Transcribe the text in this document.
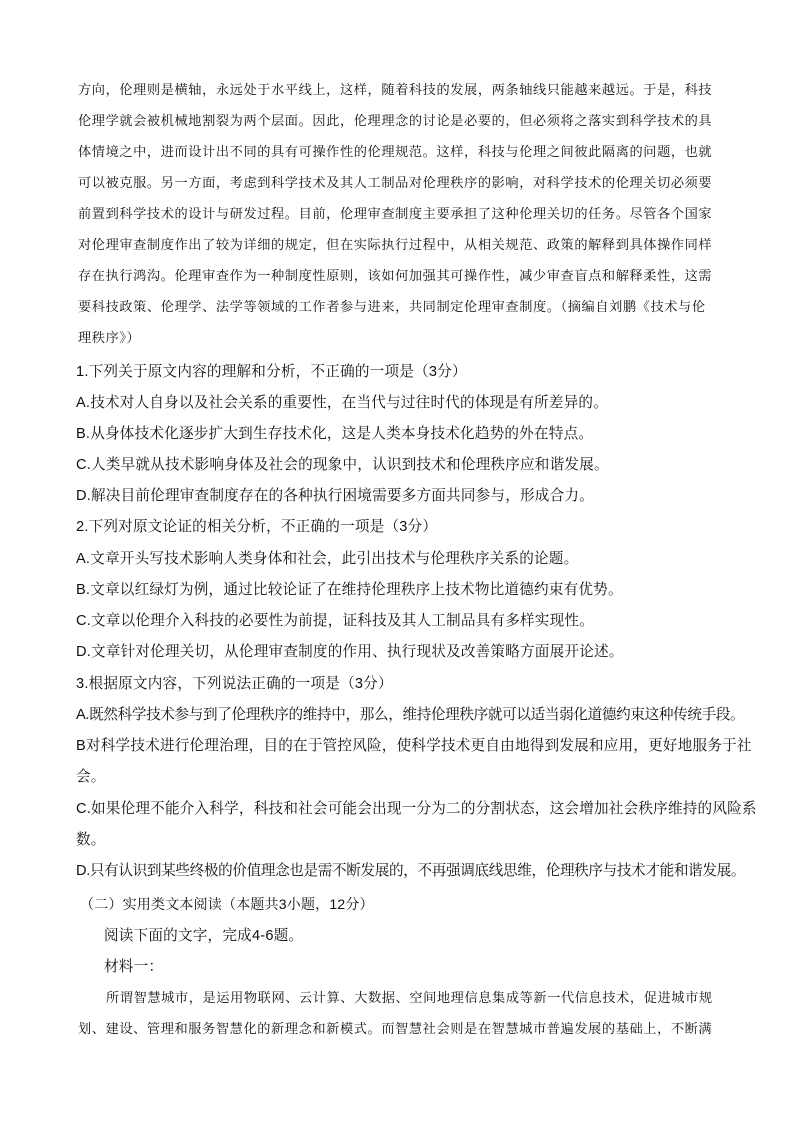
方向，伦理则是横轴，永远处于水平线上，这样，随着科技的发展，两条轴线只能越来越远。于是，科技
伦理学就会被机械地割裂为两个层面。因此，伦理理念的讨论是必要的，但必须将之落实到科学技术的具
体情境之中，进而设计出不同的具有可操作性的伦理规范。这样，科技与伦理之间彼此隔离的问题，也就
可以被克服。另一方面，考虑到科学技术及其人工制品对伦理秩序的影响，对科学技术的伦理关切必须要
前置到科学技术的设计与研发过程。目前，伦理审查制度主要承担了这种伦理关切的任务。尽管各个国家
对伦理审查制度作出了较为详细的规定，但在实际执行过程中，从相关规范、政策的解释到具体操作同样
存在执行鸿沟。伦理审查作为一种制度性原则，该如何加强其可操作性，减少审查盲点和解释柔性，这需
要科技政策、伦理学、法学等领域的工作者参与进来，共同制定伦理审查制度。（摘编自刘鹏《技术与伦
理秩序》）
1.下列关于原文内容的理解和分析，不正确的一项是（3分）
A.技术对人自身以及社会关系的重要性，在当代与过往时代的体现是有所差异的。
B.从身体技术化逐步扩大到生存技术化，这是人类本身技术化趋势的外在特点。
C.人类早就从技术影响身体及社会的现象中，认识到技术和伦理秩序应和谐发展。
D.解决目前伦理审查制度存在的各种执行困境需要多方面共同参与，形成合力。
2.下列对原文论证的相关分析，不正确的一项是（3分）
A.文章开头写技术影响人类身体和社会，此引出技术与伦理秩序关系的论题。
B.文章以红绿灯为例，通过比较论证了在维持伦理秩序上技术物比道德约束有优势。
C.文章以伦理介入科技的必要性为前提，证科技及其人工制品具有多样实现性。
D.文章针对伦理关切，从伦理审查制度的作用、执行现状及改善策略方面展开论述。
3.根据原文内容，下列说法正确的一项是（3分）
A.既然科学技术参与到了伦理秩序的维持中，那么，维持伦理秩序就可以适当弱化道德约束这种传统手段。
B对科学技术进行伦理治理，目的在于管控风险，使科学技术更自由地得到发展和应用，更好地服务于社
会。
C.如果伦理不能介入科学，科技和社会可能会出现一分为二的分割状态，这会增加社会秩序维持的风险系
数。
D.只有认识到某些终极的价值理念也是需不断发展的，不再强调底线思维，伦理秩序与技术才能和谐发展。
（二）实用类文本阅读（本题共3小题，12分）
阅读下面的文字，完成4-6题。
材料一：
所谓智慧城市，是运用物联网、云计算、大数据、空间地理信息集成等新一代信息技术，促进城市规
划、建设、管理和服务智慧化的新理念和新模式。而智慧社会则是在智慧城市普遍发展的基础上，不断满
